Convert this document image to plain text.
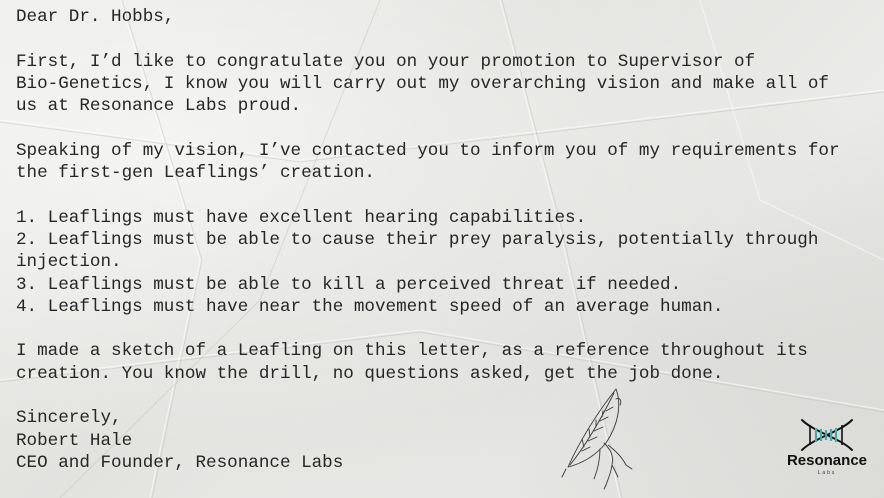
Dear Dr. Hobbs,

First, I’d like to congratulate you on your promotion to Supervisor of

Bio-Genetics, I know you will carry out my overarching vision and make all of

us at Resonance Labs proud.

Speaking of my vision, I’ve contacted you to inform you of my requirements for

the first-gen Leaflings’ creation.

1. Leaflings must have excellent hearing capabilities.

2. Leaflings must be able to cause their prey paralysis, potentially through

injection.

3. Leaflings must be able to kill a perceived threat if needed.

4. Leaflings must have near the movement speed of an average human.

I made a sketch of a Leafling on this letter, as a reference throughout its

creation. You know the drill, no questions asked, get the job done.

Sincerely,

Robert Hale

CEO and Founder, Resonance Labs	Resonance
Labs
